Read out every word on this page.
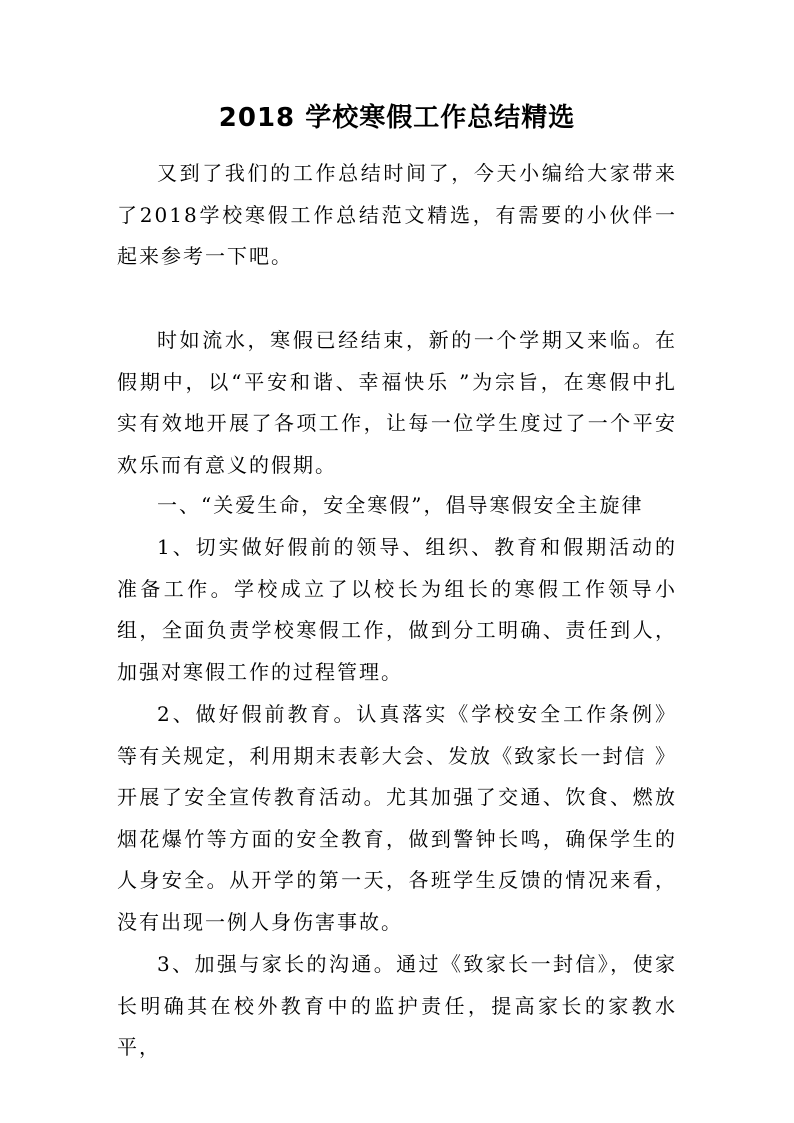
2018 学校寒假工作总结精选

又到了我们的工作总结时间了，今天小编给大家带来了2018学校寒假工作总结范文精选，有需要的小伙伴一起来参考一下吧。

时如流水，寒假已经结束，新的一个学期又来临。在假期中，以“平安和谐、幸福快乐 ”为宗旨，在寒假中扎实有效地开展了各项工作，让每一位学生度过了一个平安欢乐而有意义的假期。

一、“关爱生命，安全寒假”，倡导寒假安全主旋律

1、切实做好假前的领导、组织、教育和假期活动的准备工作。学校成立了以校长为组长的寒假工作领导小组，全面负责学校寒假工作，做到分工明确、责任到人，加强对寒假工作的过程管理。

2、做好假前教育。认真落实《学校安全工作条例》等有关规定，利用期末表彰大会、发放《致家长一封信 》开展了安全宣传教育活动。尤其加强了交通、饮食、燃放烟花爆竹等方面的安全教育，做到警钟长鸣，确保学生的人身安全。从开学的第一天，各班学生反馈的情况来看，没有出现一例人身伤害事故。

3、加强与家长的沟通。通过《致家长一封信》，使家长明确其在校外教育中的监护责任，提高家长的家教水平，
